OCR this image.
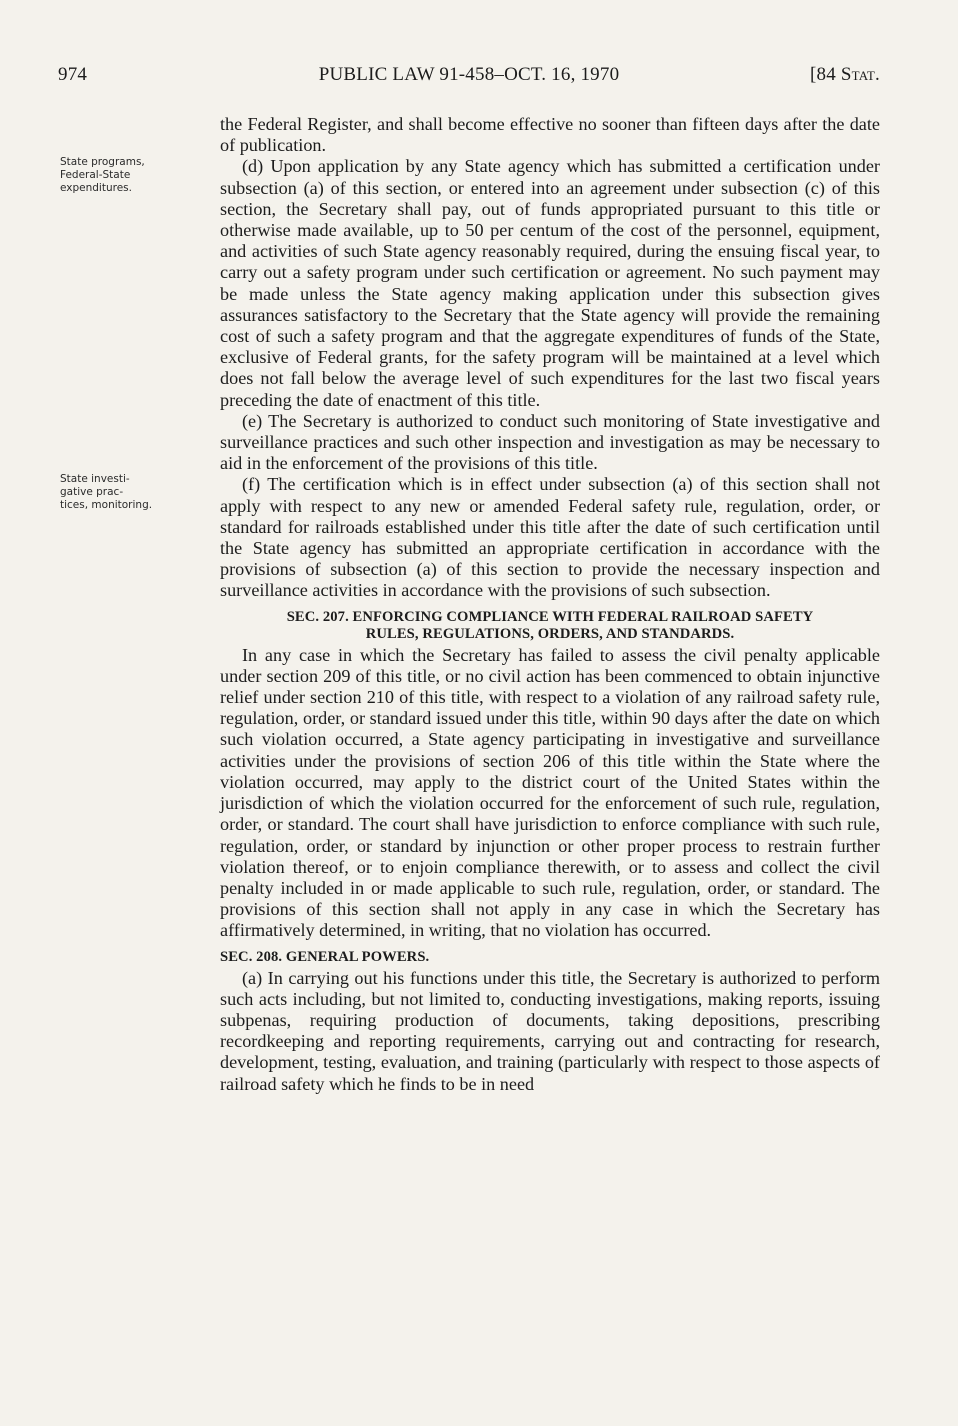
974	PUBLIC LAW 91-458–OCT. 16, 1970	[84 Stat.
State programs,
Federal-State
expenditures.
State investi-
gative prac-
tices, monitoring.

the Federal Register, and shall become effective no sooner than fifteen days after the date of publication.

(d) Upon application by any State agency which has submitted a certification under subsection (a) of this section, or entered into an agreement under subsection (c) of this section, the Secretary shall pay, out of funds appropriated pursuant to this title or otherwise made available, up to 50 per centum of the cost of the personnel, equipment, and activities of such State agency reasonably required, during the ensuing fiscal year, to carry out a safety program under such certification or agreement. No such payment may be made unless the State agency making application under this subsection gives assurances satisfactory to the Secretary that the State agency will provide the remaining cost of such a safety program and that the aggregate expenditures of funds of the State, exclusive of Federal grants, for the safety program will be maintained at a level which does not fall below the average level of such expenditures for the last two fiscal years preceding the date of enactment of this title.

(e) The Secretary is authorized to conduct such monitoring of State investigative and surveillance practices and such other inspection and investigation as may be necessary to aid in the enforcement of the provisions of this title.

(f) The certification which is in effect under subsection (a) of this section shall not apply with respect to any new or amended Federal safety rule, regulation, order, or standard for railroads established under this title after the date of such certification until the State agency has submitted an appropriate certification in accordance with the provisions of subsection (a) of this section to provide the necessary inspection and surveillance activities in accordance with the provisions of such subsection.

SEC. 207. ENFORCING COMPLIANCE WITH FEDERAL RAILROAD SAFETY
RULES, REGULATIONS, ORDERS, AND STANDARDS.

In any case in which the Secretary has failed to assess the civil penalty applicable under section 209 of this title, or no civil action has been commenced to obtain injunctive relief under section 210 of this title, with respect to a violation of any railroad safety rule, regulation, order, or standard issued under this title, within 90 days after the date on which such violation occurred, a State agency participating in investigative and surveillance activities under the provisions of section 206 of this title within the State where the violation occurred, may apply to the district court of the United States within the jurisdiction of which the violation occurred for the enforcement of such rule, regulation, order, or standard. The court shall have jurisdiction to enforce compliance with such rule, regulation, order, or standard by injunction or other proper process to restrain further violation thereof, or to enjoin compliance therewith, or to assess and collect the civil penalty included in or made applicable to such rule, regulation, order, or standard. The provisions of this section shall not apply in any case in which the Secretary has affirmatively determined, in writing, that no violation has occurred.

SEC. 208. GENERAL POWERS.

(a) In carrying out his functions under this title, the Secretary is authorized to perform such acts including, but not limited to, conducting investigations, making reports, issuing subpenas, requiring production of documents, taking depositions, prescribing recordkeeping and reporting requirements, carrying out and contracting for research, development, testing, evaluation, and training (particularly with respect to those aspects of railroad safety which he finds to be in need
